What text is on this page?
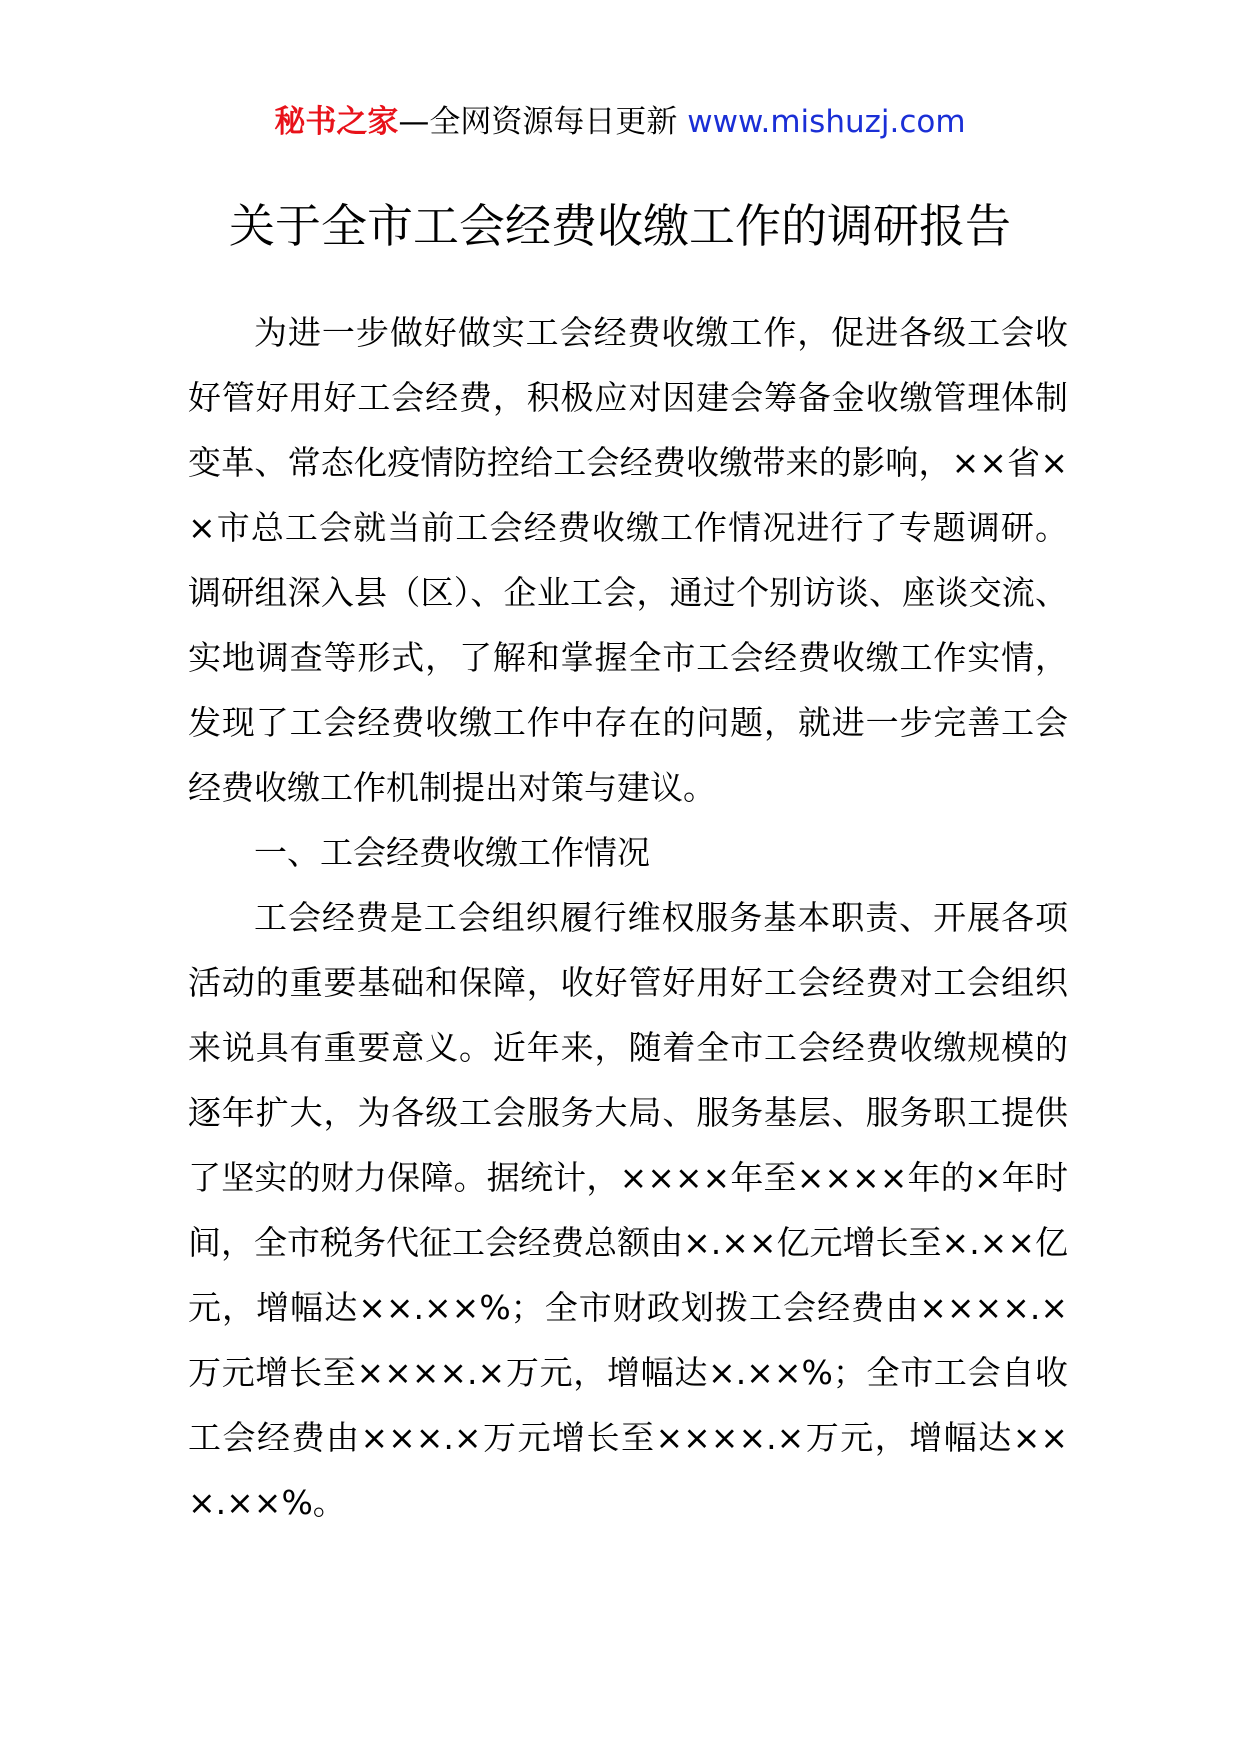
秘书之家—全网资源每日更新 www.mishuzj.com
关于全市工会经费收缴工作的调研报告

为进一步做好做实工会经费收缴工作，促进各级工会收好管好用好工会经费，积极应对因建会筹备金收缴管理体制变革、常态化疫情防控给工会经费收缴带来的影响，××省××市总工会就当前工会经费收缴工作情况进行了专题调研。调研组深入县（区）、企业工会，通过个别访谈、座谈交流、实地调查等形式，了解和掌握全市工会经费收缴工作实情，发现了工会经费收缴工作中存在的问题，就进一步完善工会经费收缴工作机制提出对策与建议。

一、工会经费收缴工作情况

工会经费是工会组织履行维权服务基本职责、开展各项活动的重要基础和保障，收好管好用好工会经费对工会组织来说具有重要意义。近年来，随着全市工会经费收缴规模的逐年扩大，为各级工会服务大局、服务基层、服务职工提供了坚实的财力保障。据统计，××××年至××××年的×年时间，全市税务代征工会经费总额由×.××亿元增长至×.××亿元，增幅达××.××%；全市财政划拨工会经费由××××.×万元增长至××××.×万元，增幅达×.××%；全市工会自收工会经费由×××.×万元增长至××××.×万元，增幅达×××.××%。
